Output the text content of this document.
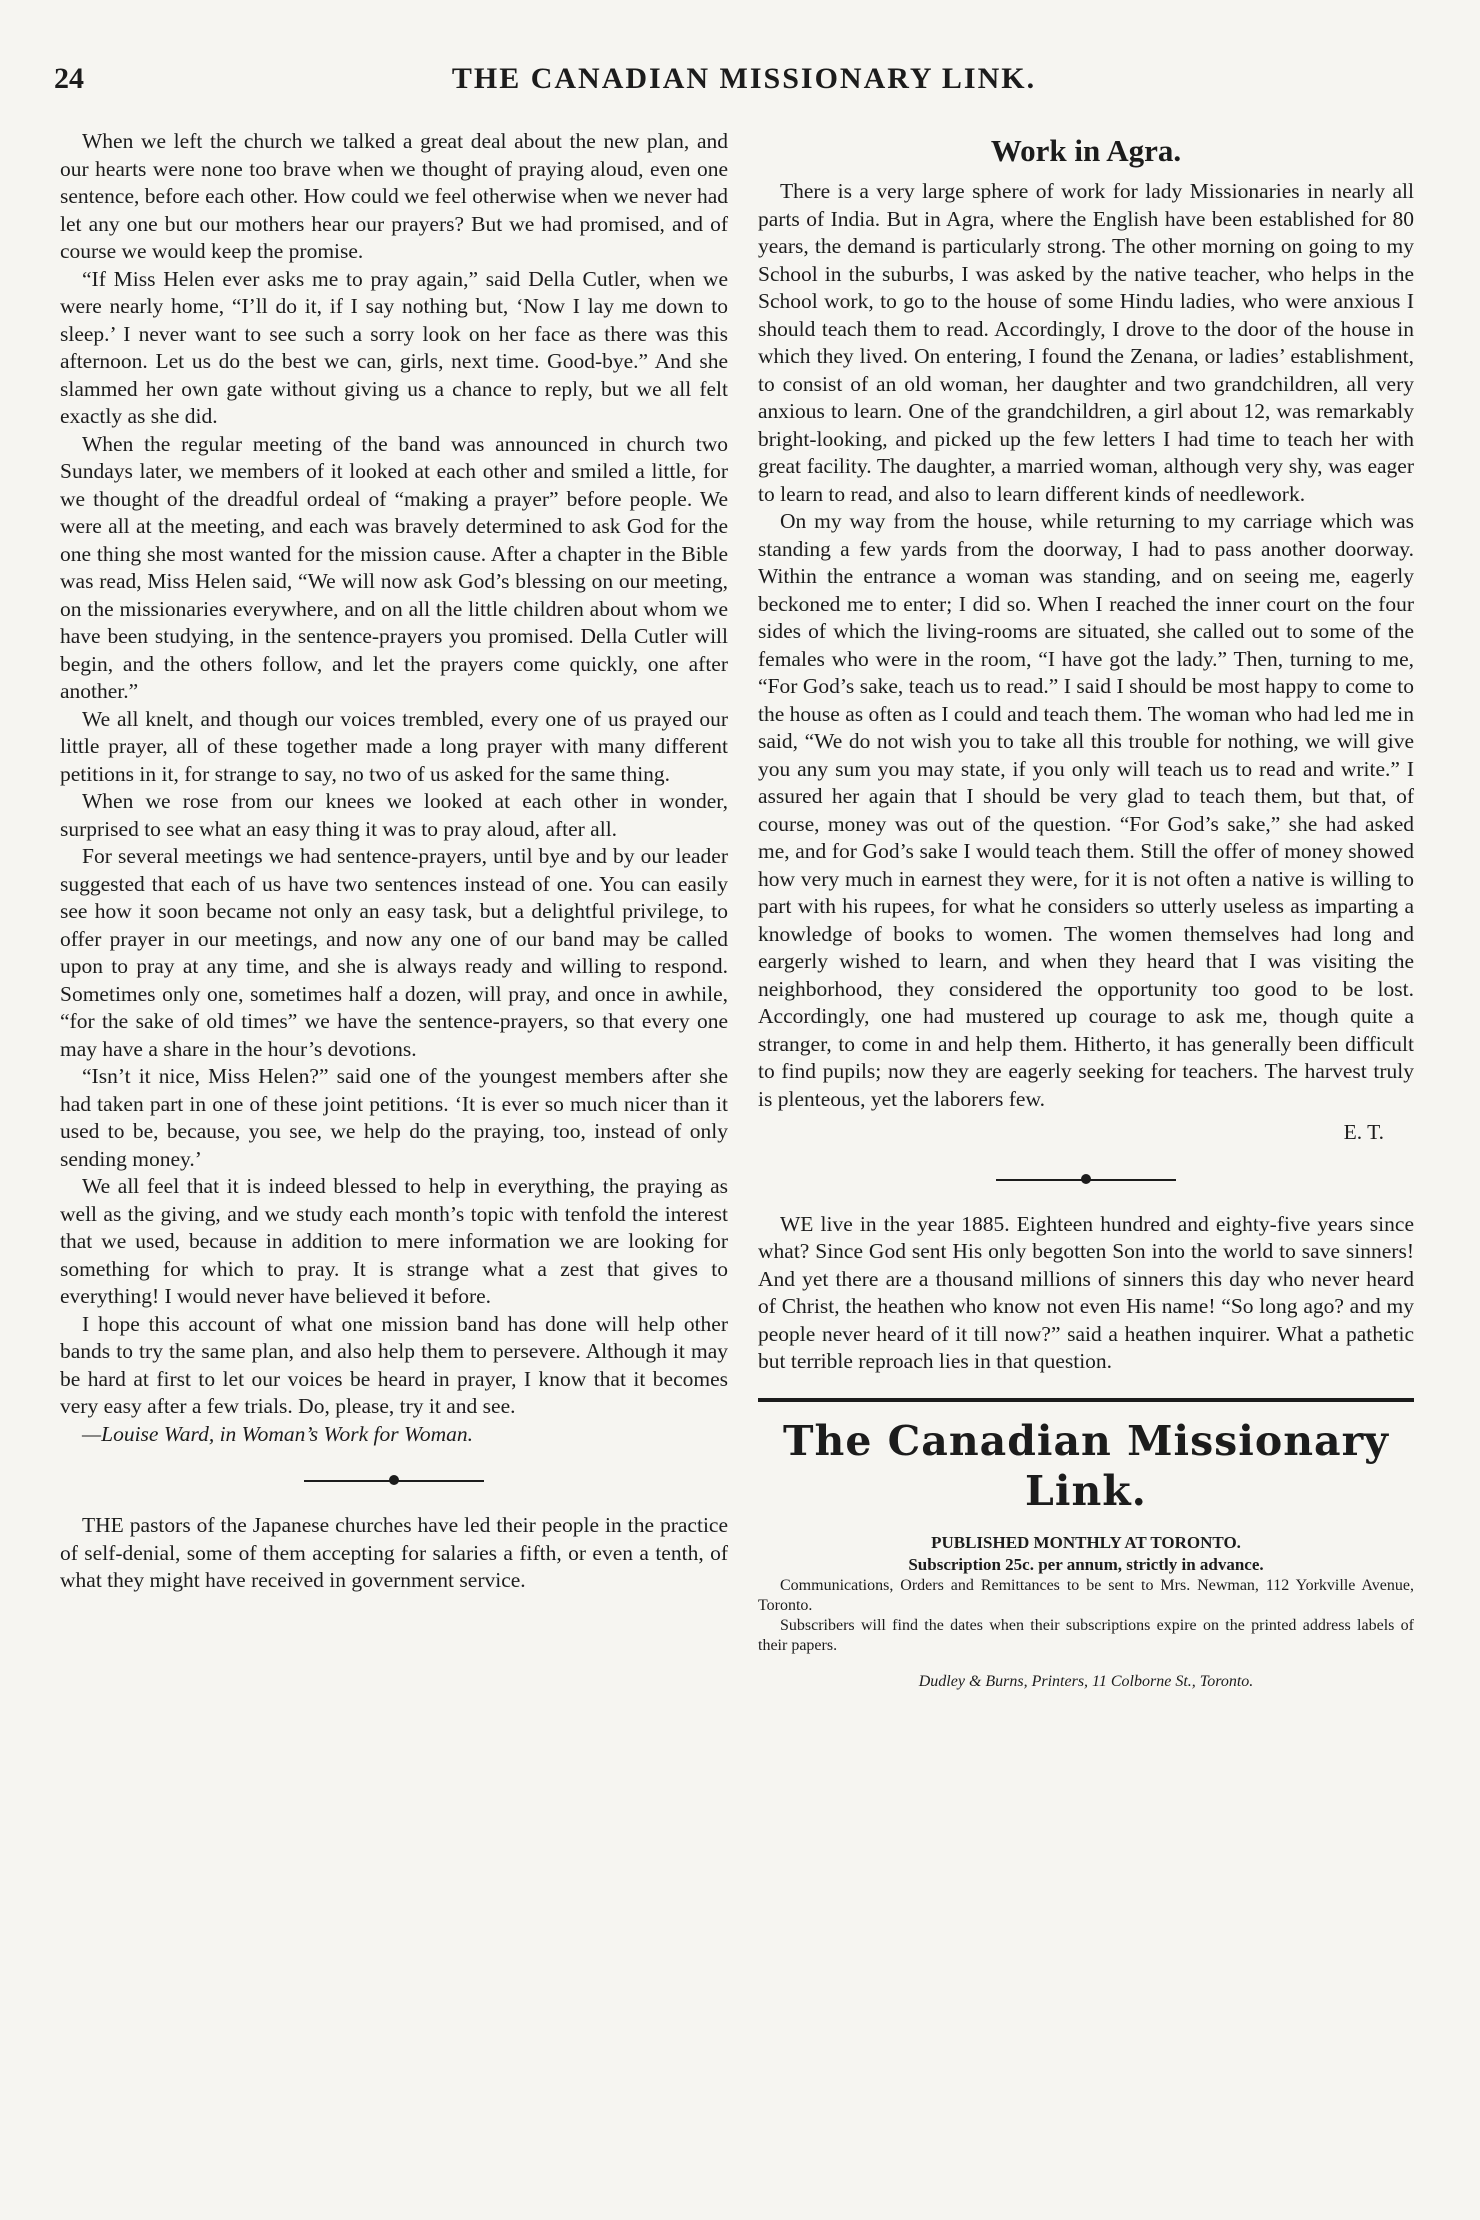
24	THE CANADIAN MISSIONARY LINK.

When we left the church we talked a great deal about the new plan, and our hearts were none too brave when we thought of praying aloud, even one sentence, before each other. How could we feel otherwise when we never had let any one but our mothers hear our prayers? But we had promised, and of course we would keep the promise.

“If Miss Helen ever asks me to pray again,” said Della Cutler, when we were nearly home, “I’ll do it, if I say nothing but, ‘Now I lay me down to sleep.’ I never want to see such a sorry look on her face as there was this afternoon. Let us do the best we can, girls, next time. Good-bye.” And she slammed her own gate without giving us a chance to reply, but we all felt exactly as she did.

When the regular meeting of the band was announced in church two Sundays later, we members of it looked at each other and smiled a little, for we thought of the dreadful ordeal of “making a prayer” before people. We were all at the meeting, and each was bravely determined to ask God for the one thing she most wanted for the mission cause. After a chapter in the Bible was read, Miss Helen said, “We will now ask God’s blessing on our meeting, on the missionaries everywhere, and on all the little children about whom we have been studying, in the sentence-prayers you promised. Della Cutler will begin, and the others follow, and let the prayers come quickly, one after another.”

We all knelt, and though our voices trembled, every one of us prayed our little prayer, all of these together made a long prayer with many different petitions in it, for strange to say, no two of us asked for the same thing.

When we rose from our knees we looked at each other in wonder, surprised to see what an easy thing it was to pray aloud, after all.

For several meetings we had sentence-prayers, until bye and by our leader suggested that each of us have two sentences instead of one. You can easily see how it soon became not only an easy task, but a delightful privilege, to offer prayer in our meetings, and now any one of our band may be called upon to pray at any time, and she is always ready and willing to respond. Sometimes only one, sometimes half a dozen, will pray, and once in awhile, “for the sake of old times” we have the sentence-prayers, so that every one may have a share in the hour’s devotions.

“Isn’t it nice, Miss Helen?” said one of the youngest members after she had taken part in one of these joint petitions. ‘It is ever so much nicer than it used to be, because, you see, we help do the praying, too, instead of only sending money.’

We all feel that it is indeed blessed to help in everything, the praying as well as the giving, and we study each month’s topic with tenfold the interest that we used, because in addition to mere information we are looking for something for which to pray. It is strange what a zest that gives to everything! I would never have believed it before.

I hope this account of what one mission band has done will help other bands to try the same plan, and also help them to persevere. Although it may be hard at first to let our voices be heard in prayer, I know that it becomes very easy after a few trials. Do, please, try it and see.

—Louise Ward, in Woman’s Work for Woman.

THE pastors of the Japanese churches have led their people in the practice of self-denial, some of them accepting for salaries a fifth, or even a tenth, of what they might have received in government service.

Work in Agra.

There is a very large sphere of work for lady Missionaries in nearly all parts of India. But in Agra, where the English have been established for 80 years, the demand is particularly strong. The other morning on going to my School in the suburbs, I was asked by the native teacher, who helps in the School work, to go to the house of some Hindu ladies, who were anxious I should teach them to read. Accordingly, I drove to the door of the house in which they lived. On entering, I found the Zenana, or ladies’ establishment, to consist of an old woman, her daughter and two grandchildren, all very anxious to learn. One of the grandchildren, a girl about 12, was remarkably bright-looking, and picked up the few letters I had time to teach her with great facility. The daughter, a married woman, although very shy, was eager to learn to read, and also to learn different kinds of needlework.

On my way from the house, while returning to my carriage which was standing a few yards from the doorway, I had to pass another doorway. Within the entrance a woman was standing, and on seeing me, eagerly beckoned me to enter; I did so. When I reached the inner court on the four sides of which the living-rooms are situated, she called out to some of the females who were in the room, “I have got the lady.” Then, turning to me, “For God’s sake, teach us to read.” I said I should be most happy to come to the house as often as I could and teach them. The woman who had led me in said, “We do not wish you to take all this trouble for nothing, we will give you any sum you may state, if you only will teach us to read and write.” I assured her again that I should be very glad to teach them, but that, of course, money was out of the question. “For God’s sake,” she had asked me, and for God’s sake I would teach them. Still the offer of money showed how very much in earnest they were, for it is not often a native is willing to part with his rupees, for what he considers so utterly useless as imparting a knowledge of books to women. The women themselves had long and eargerly wished to learn, and when they heard that I was visiting the neighborhood, they considered the opportunity too good to be lost. Accordingly, one had mustered up courage to ask me, though quite a stranger, to come in and help them. Hitherto, it has generally been difficult to find pupils; now they are eagerly seeking for teachers. The harvest truly is plenteous, yet the laborers few.

E. T.

WE live in the year 1885. Eighteen hundred and eighty-five years since what? Since God sent His only begotten Son into the world to save sinners! And yet there are a thousand millions of sinners this day who never heard of Christ, the heathen who know not even His name! “So long ago? and my people never heard of it till now?” said a heathen inquirer. What a pathetic but terrible reproach lies in that question.

The Canadian Missionary Link.
PUBLISHED MONTHLY AT TORONTO.
Subscription 25c. per annum, strictly in advance.

Communications, Orders and Remittances to be sent to Mrs. Newman, 112 Yorkville Avenue, Toronto.

Subscribers will find the dates when their subscriptions expire on the printed address labels of their papers.

Dudley & Burns, Printers, 11 Colborne St., Toronto.
